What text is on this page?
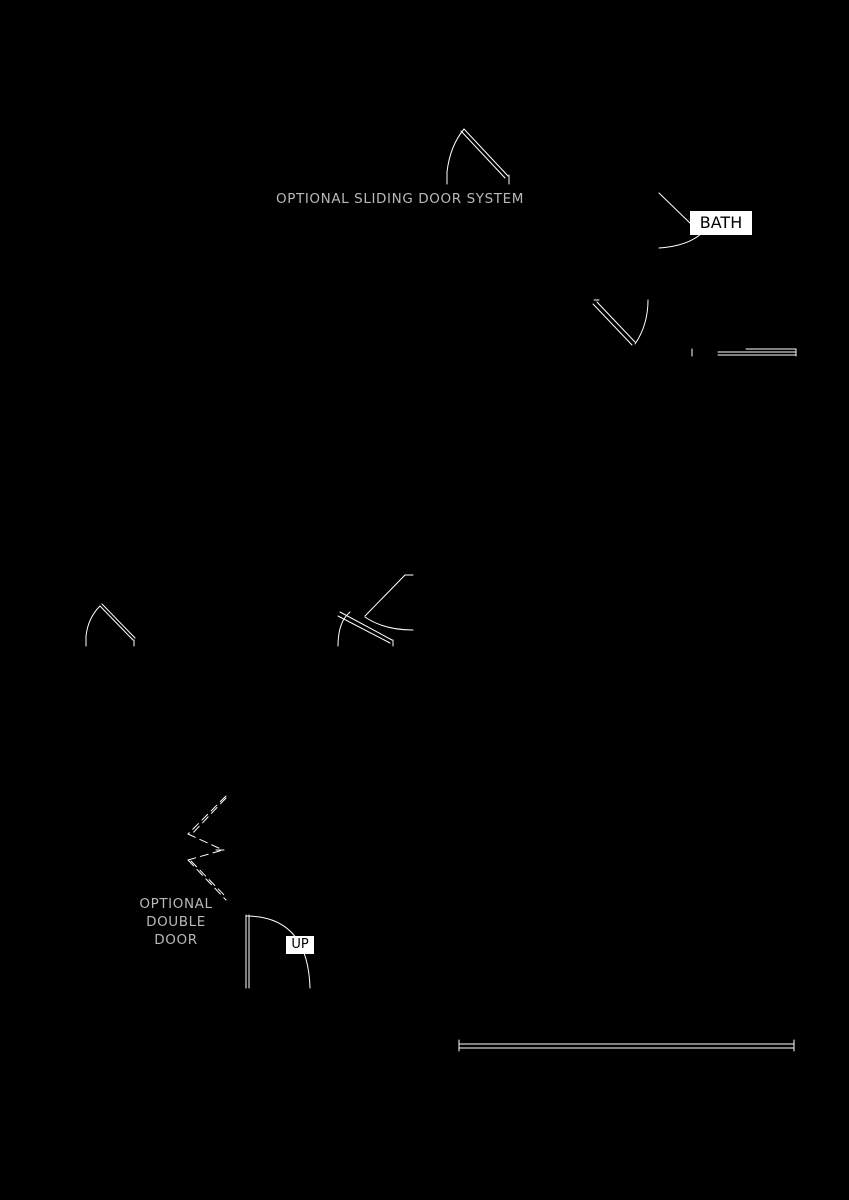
OPTIONAL SLIDING DOOR SYSTEM
OPTIONAL
DOUBLE
DOOR
BATH
UP
